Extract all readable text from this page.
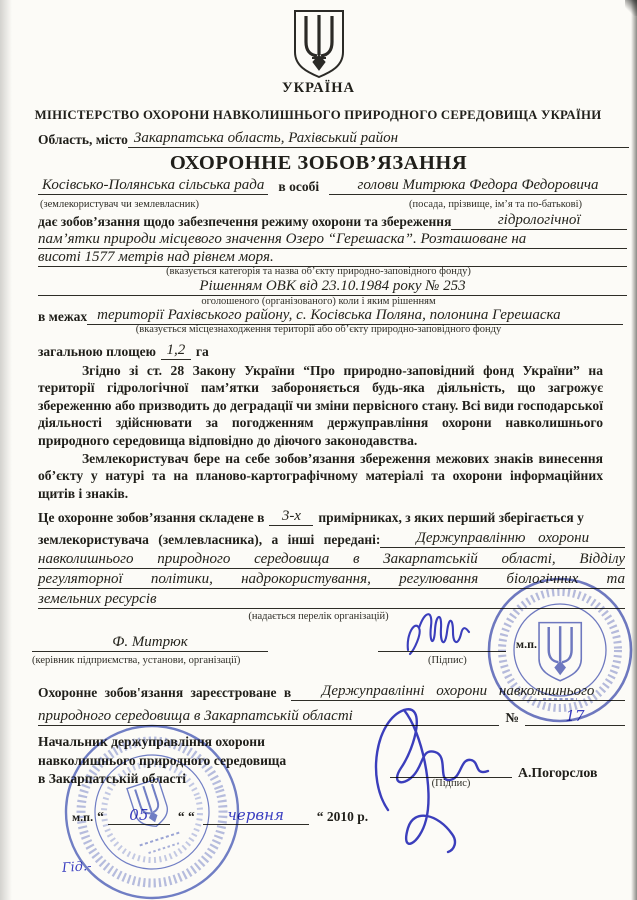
УКРАЇНА
МІНІСТЕРСТВО ОХОРОНИ НАВКОЛИШНЬОГО ПРИРОДНОГО СЕРЕДОВИЩА УКРАЇНИ
Область, місто Закарпатська область, Рахівський район
ОХОРОННЕ ЗОБОВ’ЯЗАННЯ
Косівсько-Полянська сільська рада в особі	голови Митрюка Федора Федоровича
(землекористувач чи землевласник)	(посада, прізвище, ім’я та по-батькові)
дає зобов’язання щодо забезпечення режиму охорони та збереження	гідрологічної
пам’ятки природи місцевого значення Озеро “Герешаска”. Розташоване на
висоті 1577 метрів над рівнем моря.
(вказується категорія та назва об’єкту природно-заповідного фонду)
Рішенням ОВК від 23.10.1984 року № 253
оголошеного (організованого) коли і яким рішенням
в межах території Рахівського району, с. Косівська Поляна, полонина Герешаска
(вказується місцезнаходження території або об’єкту природно-заповідного фонду
загальною площею 1,2 га

Згідно зі ст. 28 Закону України “Про природно-заповідний фонд України” на території гідрологічної пам’ятки забороняється будь-яка діяльність, що загрожує збереженню або призводить до деградації чи зміни первісного стану. Всі види господарської діяльності здійснювати за погодженням держуправління охорони навколишнього природного середовища відповідно до діючого законодавства.

Землекористувач бере на себе зобов’язання збереження межових знаків винесення об’єкту у натурі та на планово-картографічному матеріалі та охорони інформаційних щитів і знаків.

Це охоронне зобов’язання складене в	3-х	примірниках, з яких перший зберігається у
землекористувача (землевласника), а інші передані:	Держуправлінню охорони
навколишнього природного середовища в Закарпатській області, Відділу
регуляторної політики, надрокористування, регулювання біологічних та
земельних ресурсів
(надається перелік організацій)
Ф. Митрюк	м.п.
(керівник підприємства, установи, організації)	(Підпис)
Охоронне зобов'язання зареєстроване в	Держуправлінні охорони навколишнього
природного середовища в Закарпатській області	№	17
Начальник держуправління охорони
навколишнього природного середовища
в Закарпатській області	(Підпис)
А.Погорслов
м.п. “	05	“ “	червня	“ 2010 р.
Гід.-
